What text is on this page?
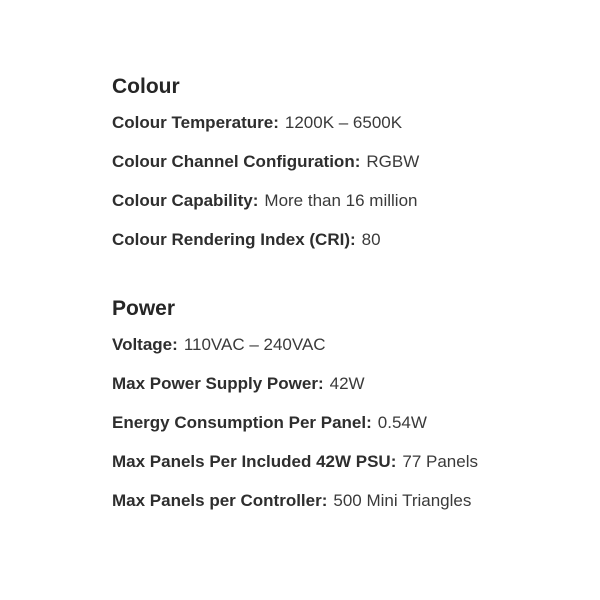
Colour
Colour Temperature: 1200K – 6500K
Colour Channel Configuration: RGBW
Colour Capability: More than 16 million
Colour Rendering Index (CRI): 80
Power
Voltage: 110VAC – 240VAC
Max Power Supply Power: 42W
Energy Consumption Per Panel: 0.54W
Max Panels Per Included 42W PSU: 77 Panels
Max Panels per Controller: 500 Mini Triangles
